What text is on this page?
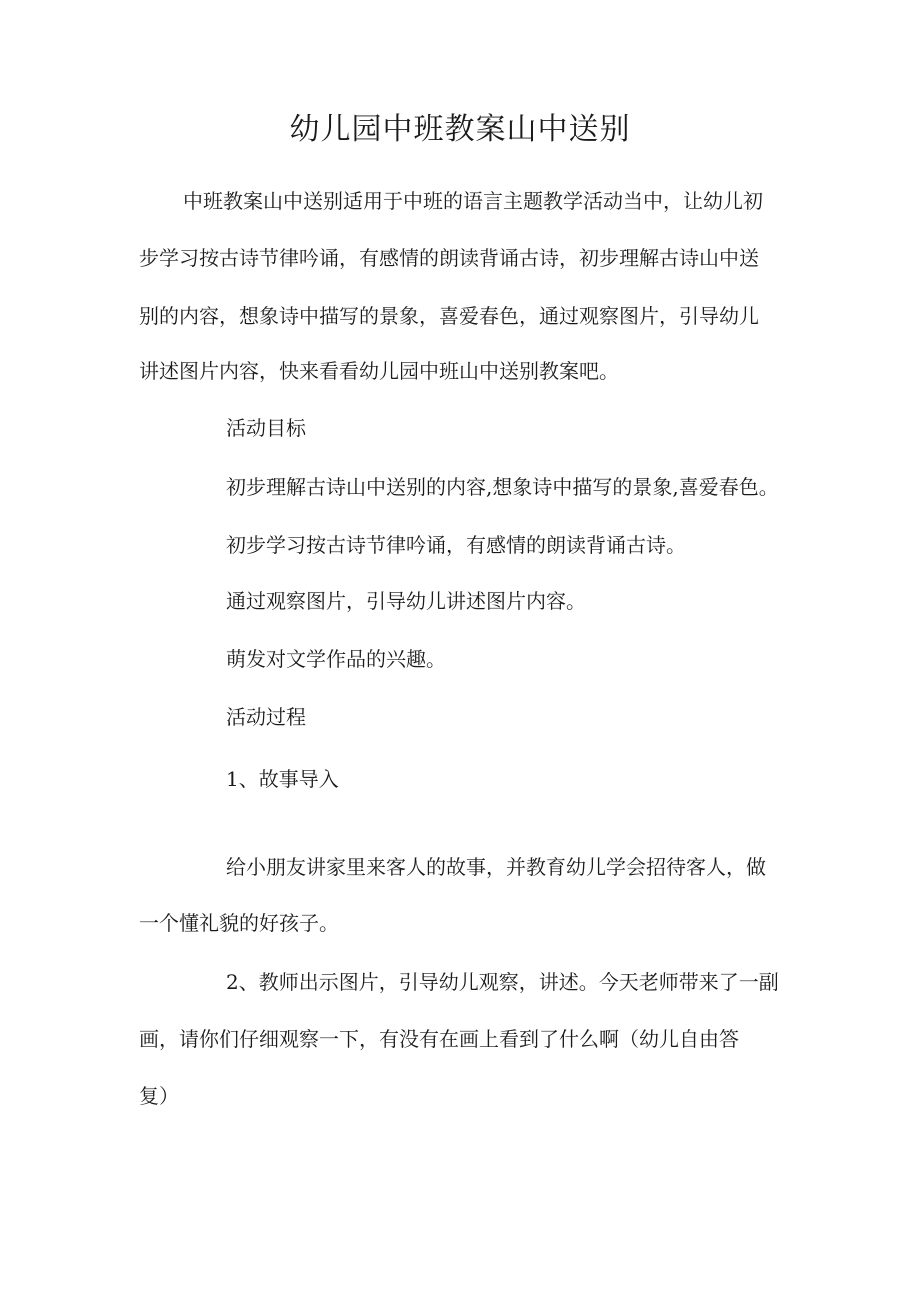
幼儿园中班教案山中送别

中班教案山中送别适用于中班的语言主题教学活动当中，让幼儿初

步学习按古诗节律吟诵，有感情的朗读背诵古诗，初步理解古诗山中送

别的内容，想象诗中描写的景象，喜爱春色，通过观察图片，引导幼儿

讲述图片内容，快来看看幼儿园中班山中送别教案吧。

活动目标

初步理解古诗山中送别的内容,想象诗中描写的景象,喜爱春色。

初步学习按古诗节律吟诵，有感情的朗读背诵古诗。

通过观察图片，引导幼儿讲述图片内容。

萌发对文学作品的兴趣。

活动过程

1、故事导入

给小朋友讲家里来客人的故事，并教育幼儿学会招待客人，做

一个懂礼貌的好孩子。

2、教师出示图片，引导幼儿观察，讲述。今天老师带来了一副

画，请你们仔细观察一下，有没有在画上看到了什么啊（幼儿自由答

复）
